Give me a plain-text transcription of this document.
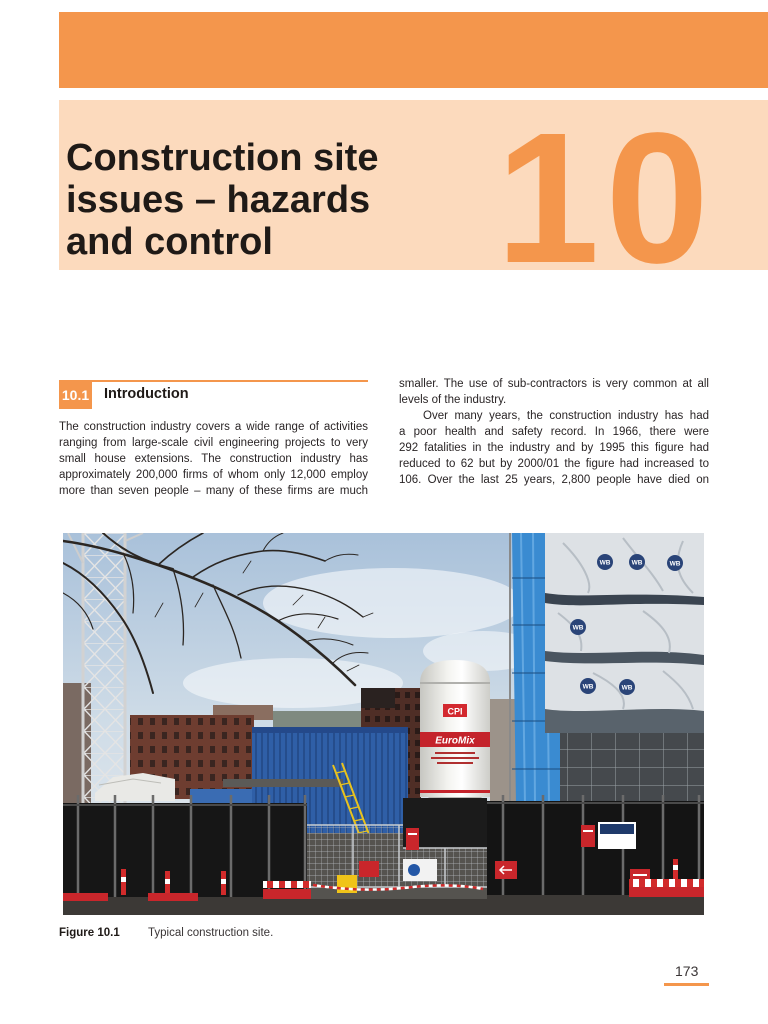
Construction site
issues – hazards
and control	10
10.1 Introduction
The construction industry covers a wide range of activities
ranging from large-scale civil engineering projects to very
small house extensions. The construction industry has
approximately 200,000 firms of whom only 12,000 employ
more than seven people – many of these firms are much
smaller. The use of sub-contractors is very common at all
levels of the industry.
Over many years, the construction industry has had
a poor health and safety record. In 1966, there were
292 fatalities in the industry and by 1995 this figure had
reduced to 62 but by 2000/01 the figure had increased to
106. Over the last 25 years, 2,800 people have died on
CPI
EuroMix
WB	WB	WB
WB
WB	WB
Figure 10.1 Typical construction site.
173
